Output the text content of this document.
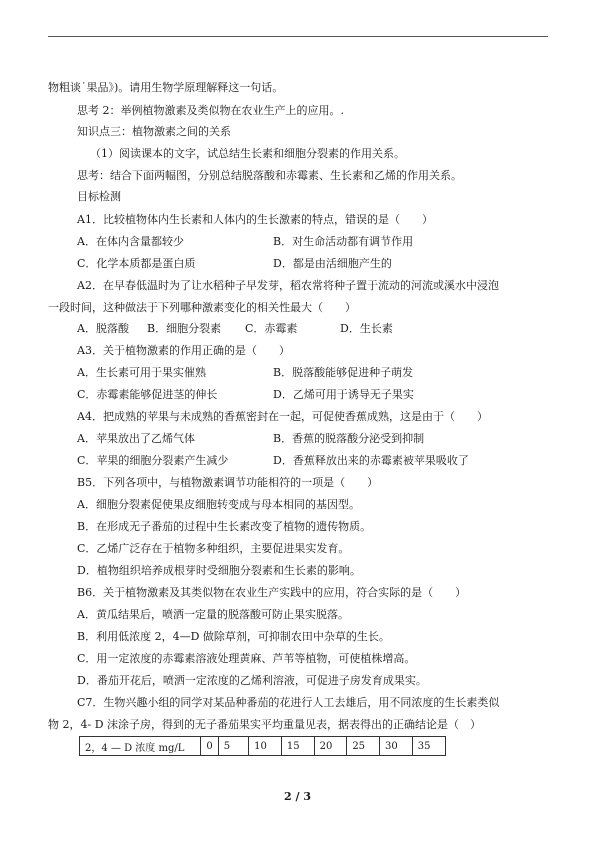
物粗谈˙果品》)。请用生物学原理解释这一句话。
思考 2：举例植物激素及类似物在农业生产上的应用。.
知识点三：植物激素之间的关系
（1）阅读课本的文字，试总结生长素和细胞分裂素的作用关系。
思考：结合下面两幅图，分别总结脱落酸和赤霉素、生长素和乙烯的作用关系。
目标检测
A1．比较植物体内生长素和人体内的生长激素的特点，错误的是（　　）
A．在体内含量都较少	B．对生命活动都有调节作用
C．化学本质都是蛋白质	D．都是由活细胞产生的
A2．在早春低温时为了让水稻种子早发芽，稻农常将种子置于流动的河流或溪水中浸泡
一段时间，这种做法于下列哪种激素变化的相关性最大（　　）
A．脱落酸 B．细胞分裂素 C．赤霉素	D．生长素
A3．关于植物激素的作用正确的是（　　）
A．生长素可用于果实催熟	B．脱落酸能够促进种子萌发
C．赤霉素能够促进茎的伸长	D．乙烯可用于诱导无子果实
A4．把成熟的苹果与未成熟的香蕉密封在一起，可促使香蕉成熟，这是由于（　　）
A．苹果放出了乙烯气体	B．香蕉的脱落酸分泌受到抑制
C．苹果的细胞分裂素产生减少	D．香蕉释放出来的赤霉素被苹果吸收了
B5．下列各项中，与植物激素调节功能相符的一项是（　　）
A．细胞分裂素促使果皮细胞转变成与母本相同的基因型。
B．在形成无子番茄的过程中生长素改变了植物的遗传物质。
C．乙烯广泛存在于植物多种组织，主要促进果实发育。
D．植物组织培养成根芽时受细胞分裂素和生长素的影响。
B6．关于植物激素及其类似物在农业生产实践中的应用，符合实际的是（　　）
A．黄瓜结果后，喷洒一定量的脱落酸可防止果实脱落。
B．利用低浓度 2，4—D 做除草剂，可抑制农田中杂草的生长。
C．用一定浓度的赤霉素溶液处理黄麻、芦苇等植物，可使植株增高。
D．番茄开花后，喷洒一定浓度的乙烯利溶液，可促进子房发育成果实。
C7．生物兴趣小组的同学对某品种番茄的花进行人工去雄后，用不同浓度的生长素类似
物 2，4- D 沫涂子房，得到的无子番茄果实平均重量见表，据表得出的正确结论是（　）
2，4 — D 浓度 mg/L	0	5	10	15	20	25	30	35
2 / 3
